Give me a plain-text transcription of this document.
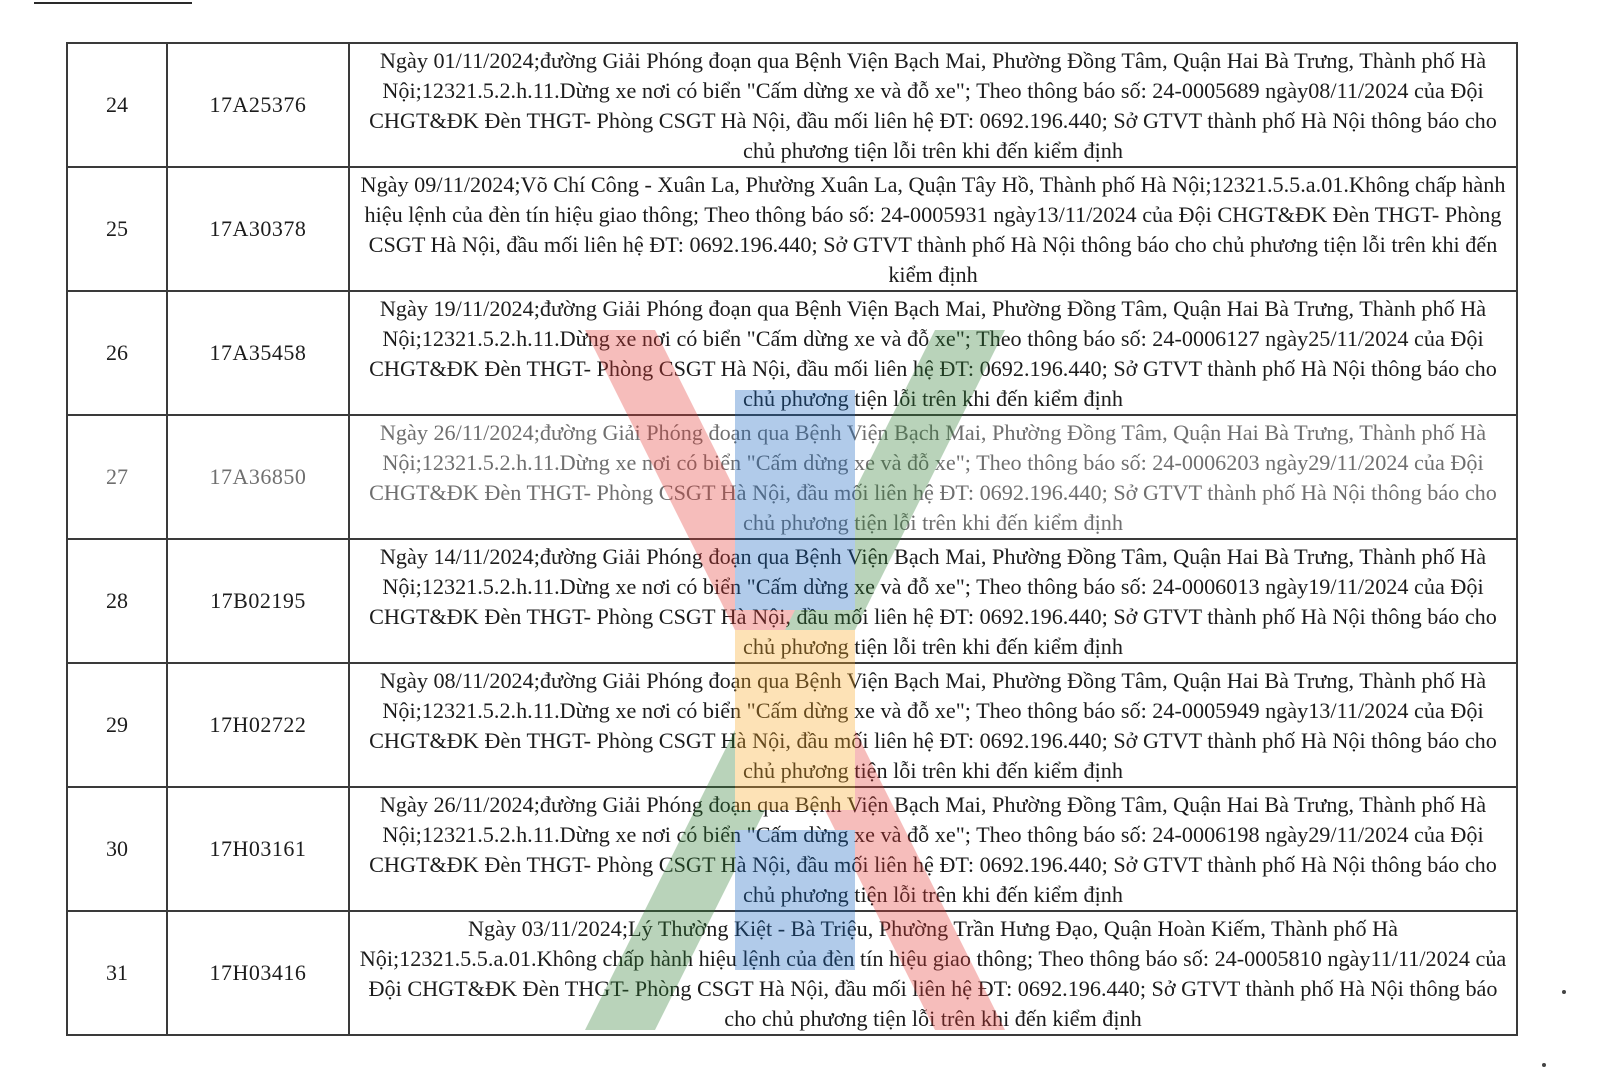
24	17A25376	Ngày 01/11/2024;đường Giải Phóng đoạn qua Bệnh Viện Bạch Mai, Phường Đồng Tâm, Quận Hai Bà Trưng, Thành phố Hà Nội;12321.5.2.h.11.Dừng xe nơi có biển "Cấm dừng xe và đỗ xe"; Theo thông báo số: 24-0005689 ngày08/11/2024 của Đội CHGT&ĐK Đèn THGT- Phòng CSGT Hà Nội, đầu mối liên hệ ĐT: 0692.196.440; Sở GTVT thành phố Hà Nội thông báo cho chủ phương tiện lỗi trên khi đến kiểm định
25	17A30378	Ngày 09/11/2024;Võ Chí Công - Xuân La, Phường Xuân La, Quận Tây Hồ, Thành phố Hà Nội;12321.5.5.a.01.Không chấp hành hiệu lệnh của đèn tín hiệu giao thông; Theo thông báo số: 24-0005931 ngày13/11/2024 của Đội CHGT&ĐK Đèn THGT- Phòng CSGT Hà Nội, đầu mối liên hệ ĐT: 0692.196.440; Sở GTVT thành phố Hà Nội thông báo cho chủ phương tiện lỗi trên khi đến kiểm định
26	17A35458	Ngày 19/11/2024;đường Giải Phóng đoạn qua Bệnh Viện Bạch Mai, Phường Đồng Tâm, Quận Hai Bà Trưng, Thành phố Hà Nội;12321.5.2.h.11.Dừng xe nơi có biển "Cấm dừng xe và đỗ xe"; Theo thông báo số: 24-0006127 ngày25/11/2024 của Đội CHGT&ĐK Đèn THGT- Phòng CSGT Hà Nội, đầu mối liên hệ ĐT: 0692.196.440; Sở GTVT thành phố Hà Nội thông báo cho chủ phương tiện lỗi trên khi đến kiểm định
27	17A36850	Ngày 26/11/2024;đường Giải Phóng đoạn qua Bệnh Viện Bạch Mai, Phường Đồng Tâm, Quận Hai Bà Trưng, Thành phố Hà Nội;12321.5.2.h.11.Dừng xe nơi có biển "Cấm dừng xe và đỗ xe"; Theo thông báo số: 24-0006203 ngày29/11/2024 của Đội CHGT&ĐK Đèn THGT- Phòng CSGT Hà Nội, đầu mối liên hệ ĐT: 0692.196.440; Sở GTVT thành phố Hà Nội thông báo cho chủ phương tiện lỗi trên khi đến kiểm định
28	17B02195	Ngày 14/11/2024;đường Giải Phóng đoạn qua Bệnh Viện Bạch Mai, Phường Đồng Tâm, Quận Hai Bà Trưng, Thành phố Hà Nội;12321.5.2.h.11.Dừng xe nơi có biển "Cấm dừng xe và đỗ xe"; Theo thông báo số: 24-0006013 ngày19/11/2024 của Đội CHGT&ĐK Đèn THGT- Phòng CSGT Hà Nội, đầu mối liên hệ ĐT: 0692.196.440; Sở GTVT thành phố Hà Nội thông báo cho chủ phương tiện lỗi trên khi đến kiểm định
29	17H02722	Ngày 08/11/2024;đường Giải Phóng đoạn qua Bệnh Viện Bạch Mai, Phường Đồng Tâm, Quận Hai Bà Trưng, Thành phố Hà Nội;12321.5.2.h.11.Dừng xe nơi có biển "Cấm dừng xe và đỗ xe"; Theo thông báo số: 24-0005949 ngày13/11/2024 của Đội CHGT&ĐK Đèn THGT- Phòng CSGT Hà Nội, đầu mối liên hệ ĐT: 0692.196.440; Sở GTVT thành phố Hà Nội thông báo cho chủ phương tiện lỗi trên khi đến kiểm định
30	17H03161	Ngày 26/11/2024;đường Giải Phóng đoạn qua Bệnh Viện Bạch Mai, Phường Đồng Tâm, Quận Hai Bà Trưng, Thành phố Hà Nội;12321.5.2.h.11.Dừng xe nơi có biển "Cấm dừng xe và đỗ xe"; Theo thông báo số: 24-0006198 ngày29/11/2024 của Đội CHGT&ĐK Đèn THGT- Phòng CSGT Hà Nội, đầu mối liên hệ ĐT: 0692.196.440; Sở GTVT thành phố Hà Nội thông báo cho chủ phương tiện lỗi trên khi đến kiểm định
31	17H03416	Ngày 03/11/2024;Lý Thường Kiệt - Bà Triệu, Phường Trần Hưng Đạo, Quận Hoàn Kiếm, Thành phố Hà Nội;12321.5.5.a.01.Không chấp hành hiệu lệnh của đèn tín hiệu giao thông; Theo thông báo số: 24-0005810 ngày11/11/2024 của Đội CHGT&ĐK Đèn THGT- Phòng CSGT Hà Nội, đầu mối liên hệ ĐT: 0692.196.440; Sở GTVT thành phố Hà Nội thông báo cho chủ phương tiện lỗi trên khi đến kiểm định
